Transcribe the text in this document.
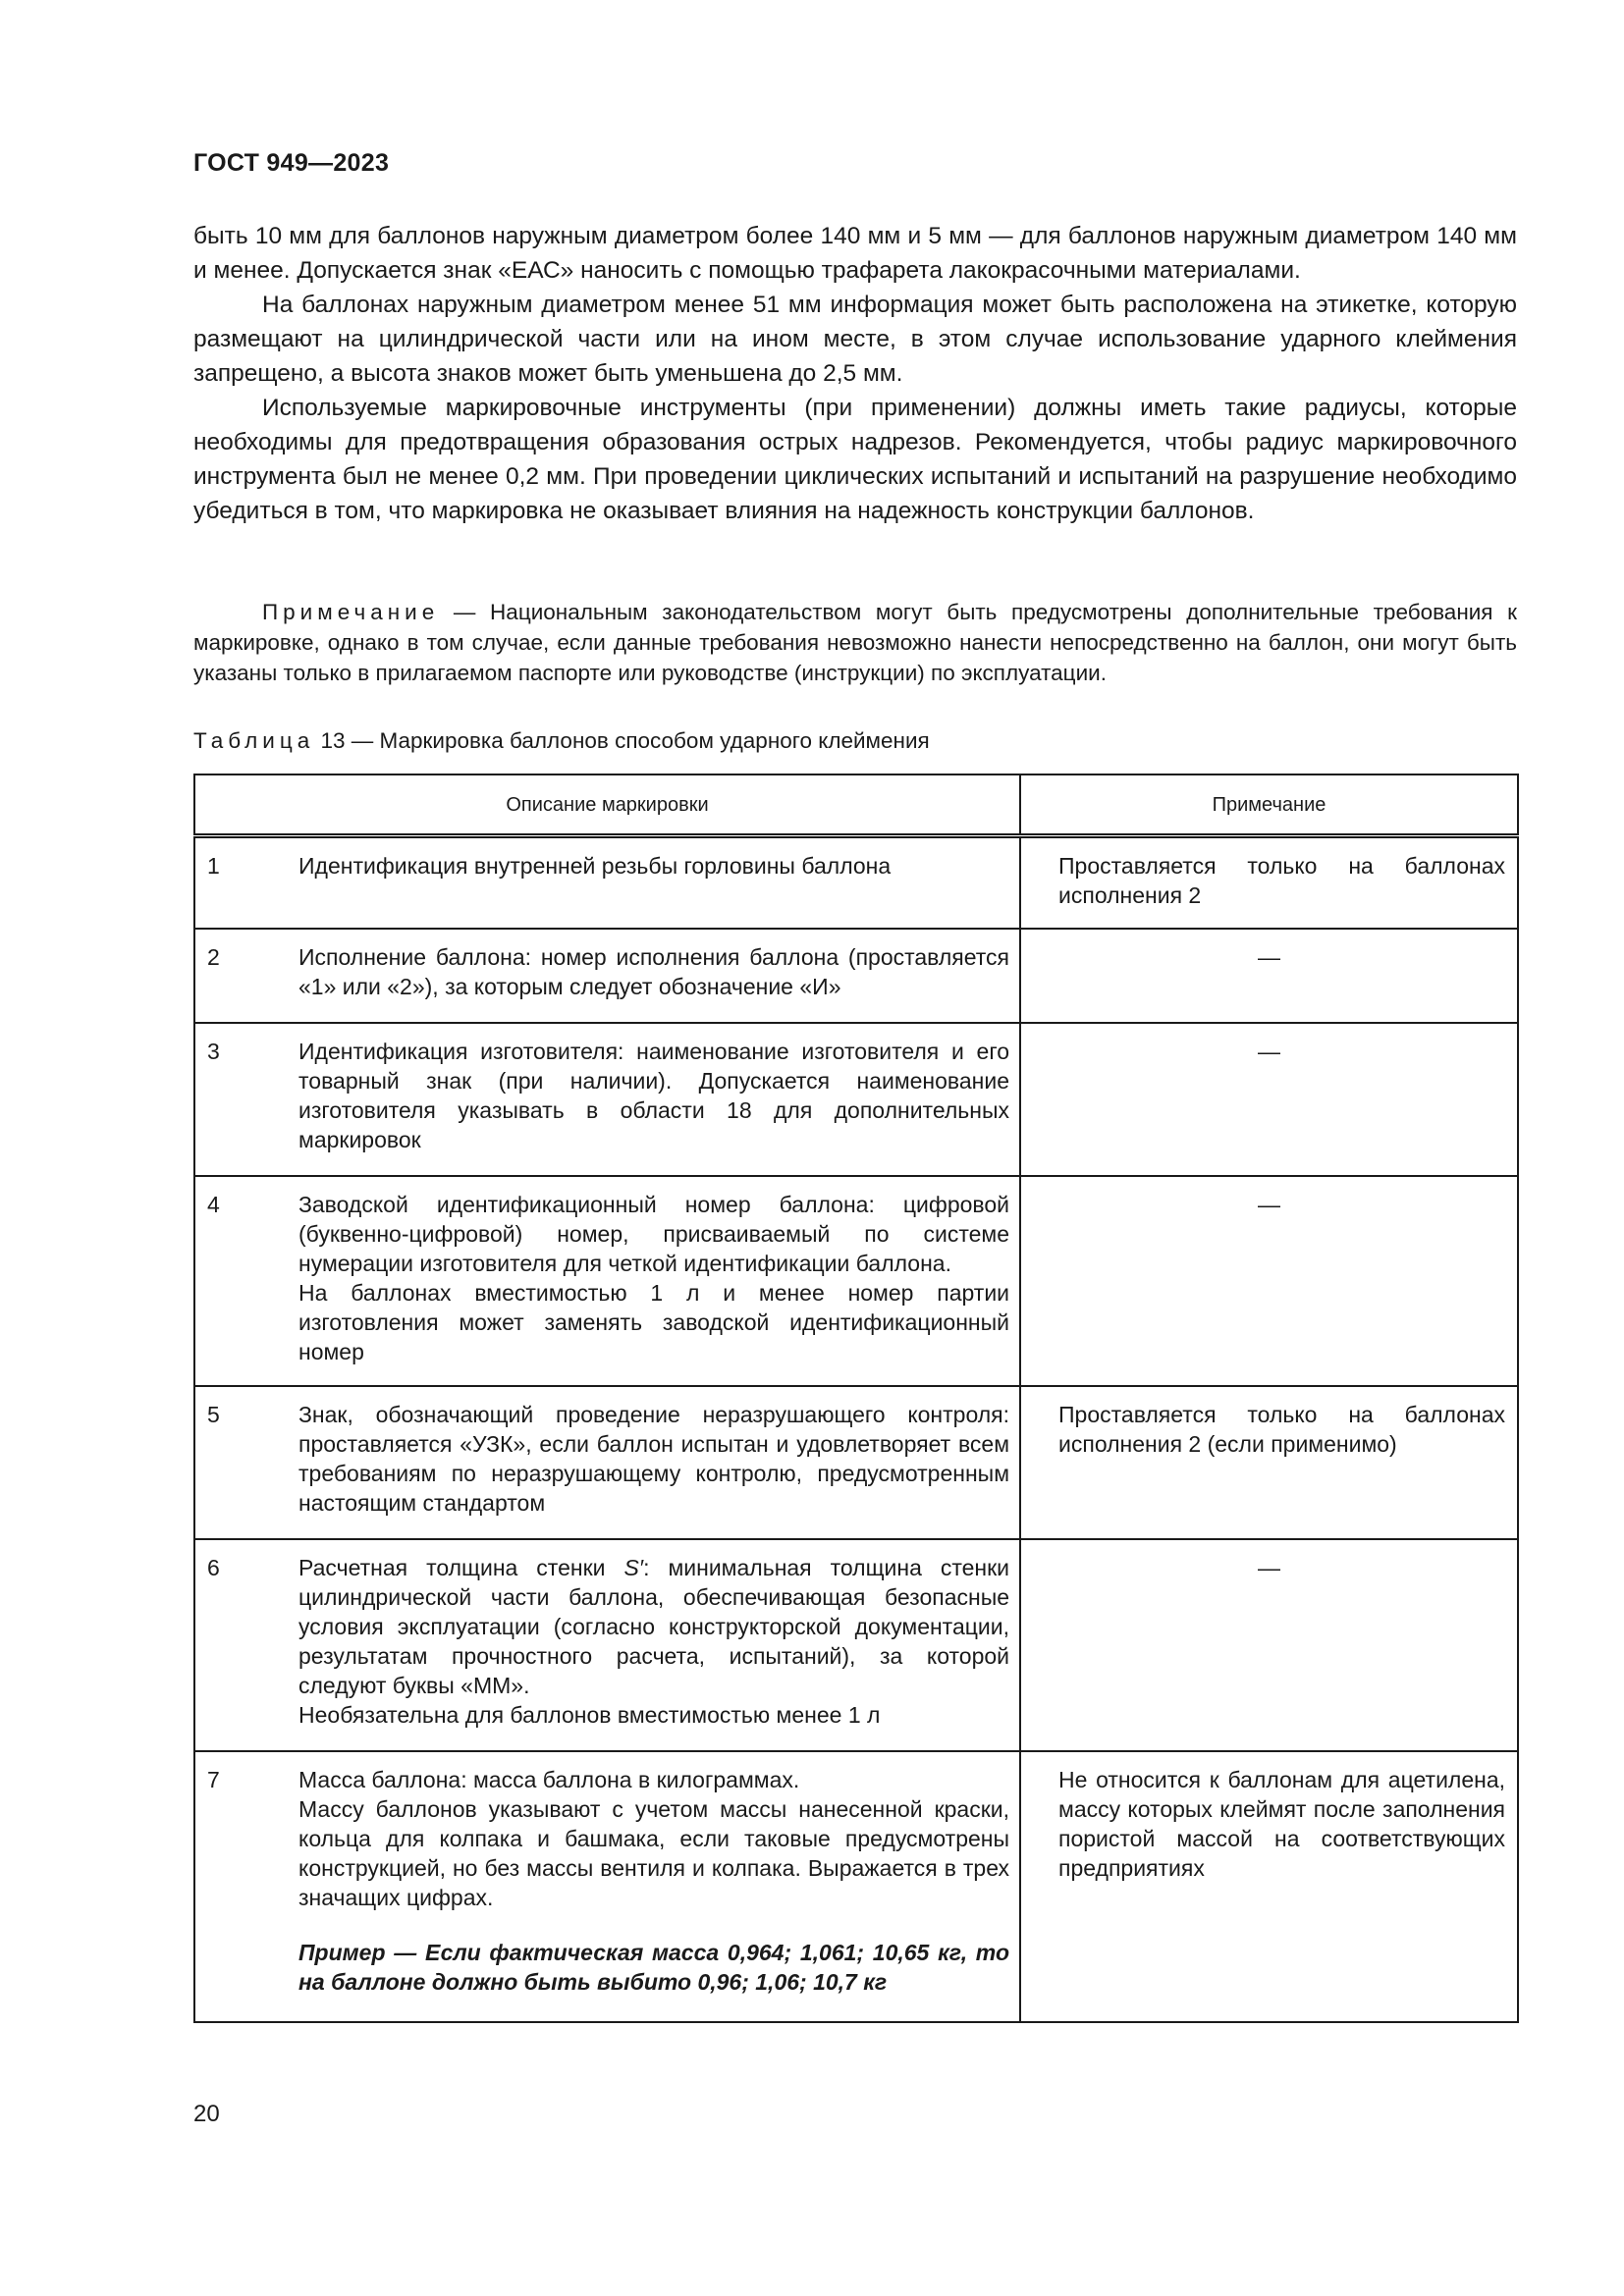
ГОСТ 949—2023

быть 10 мм для баллонов наружным диаметром более 140 мм и 5 мм — для баллонов наружным диаметром 140 мм и менее. Допускается знак «ЕАС» наносить с помощью трафарета лакокрасочными материалами.

На баллонах наружным диаметром менее 51 мм информация может быть расположена на этикетке, которую размещают на цилиндрической части или на ином месте, в этом случае использование ударного клеймения запрещено, а высота знаков может быть уменьшена до 2,5 мм.

Используемые маркировочные инструменты (при применении) должны иметь такие радиусы, которые необходимы для предотвращения образования острых надрезов. Рекомендуется, чтобы радиус маркировочного инструмента был не менее 0,2 мм. При проведении циклических испытаний и испытаний на разрушение необходимо убедиться в том, что маркировка не оказывает влияния на надежность конструкции баллонов.

Примечание — Национальным законодательством могут быть предусмотрены дополнительные требования к маркировке, однако в том случае, если данные требования невозможно нанести непосредственно на баллон, они могут быть указаны только в прилагаемом паспорте или руководстве (инструкции) по эксплуатации.
Таблица 13 — Маркировка баллонов способом ударного клеймения
Описание маркировки		Примечание
1	Идентификация внутренней резьбы горловины баллона	Проставляется только на баллонах исполнения 2
2	Исполнение баллона: номер исполнения баллона (проставляется «1» или «2»), за которым следует обозначение «И»	—
3	Идентификация изготовителя: наименование изготовителя и его товарный знак (при наличии). Допускается наименование изготовителя указывать в области 18 для дополнительных маркировок	—
4	Заводской идентификационный номер баллона: цифровой (буквенно-цифровой) номер, присваиваемый по системе нумерации изготовителя для четкой идентификации баллона.
На баллонах вместимостью 1 л и менее номер партии изготовления может заменять заводской идентификационный номер	—
5	Знак, обозначающий проведение неразрушающего контроля: проставляется «УЗК», если баллон испытан и удовлетворяет всем требованиям по неразрушающему контролю, предусмотренным настоящим стандартом	Проставляется только на баллонах исполнения 2 (если применимо)
6	Расчетная толщина стенки S′: минимальная толщина стенки цилиндрической части баллона, обеспечивающая безопасные условия эксплуатации (согласно конструкторской документации, результатам прочностного расчета, испытаний), за которой следуют буквы «ММ».
Необязательна для баллонов вместимостью менее 1 л	—
7	Масса баллона: масса баллона в килограммах.
Массу баллонов указывают с учетом массы нанесенной краски, кольца для колпака и башмака, если таковые предусмотрены конструкцией, но без массы вентиля и колпака. Выражается в трех значащих цифрах.
Пример — Если фактическая масса 0,964; 1,061; 10,65 кг, то на баллоне должно быть выбито 0,96; 1,06; 10,7 кг	Не относится к баллонам для ацетилена, массу которых клеймят после заполнения пористой массой на соответствующих предприятиях
20
